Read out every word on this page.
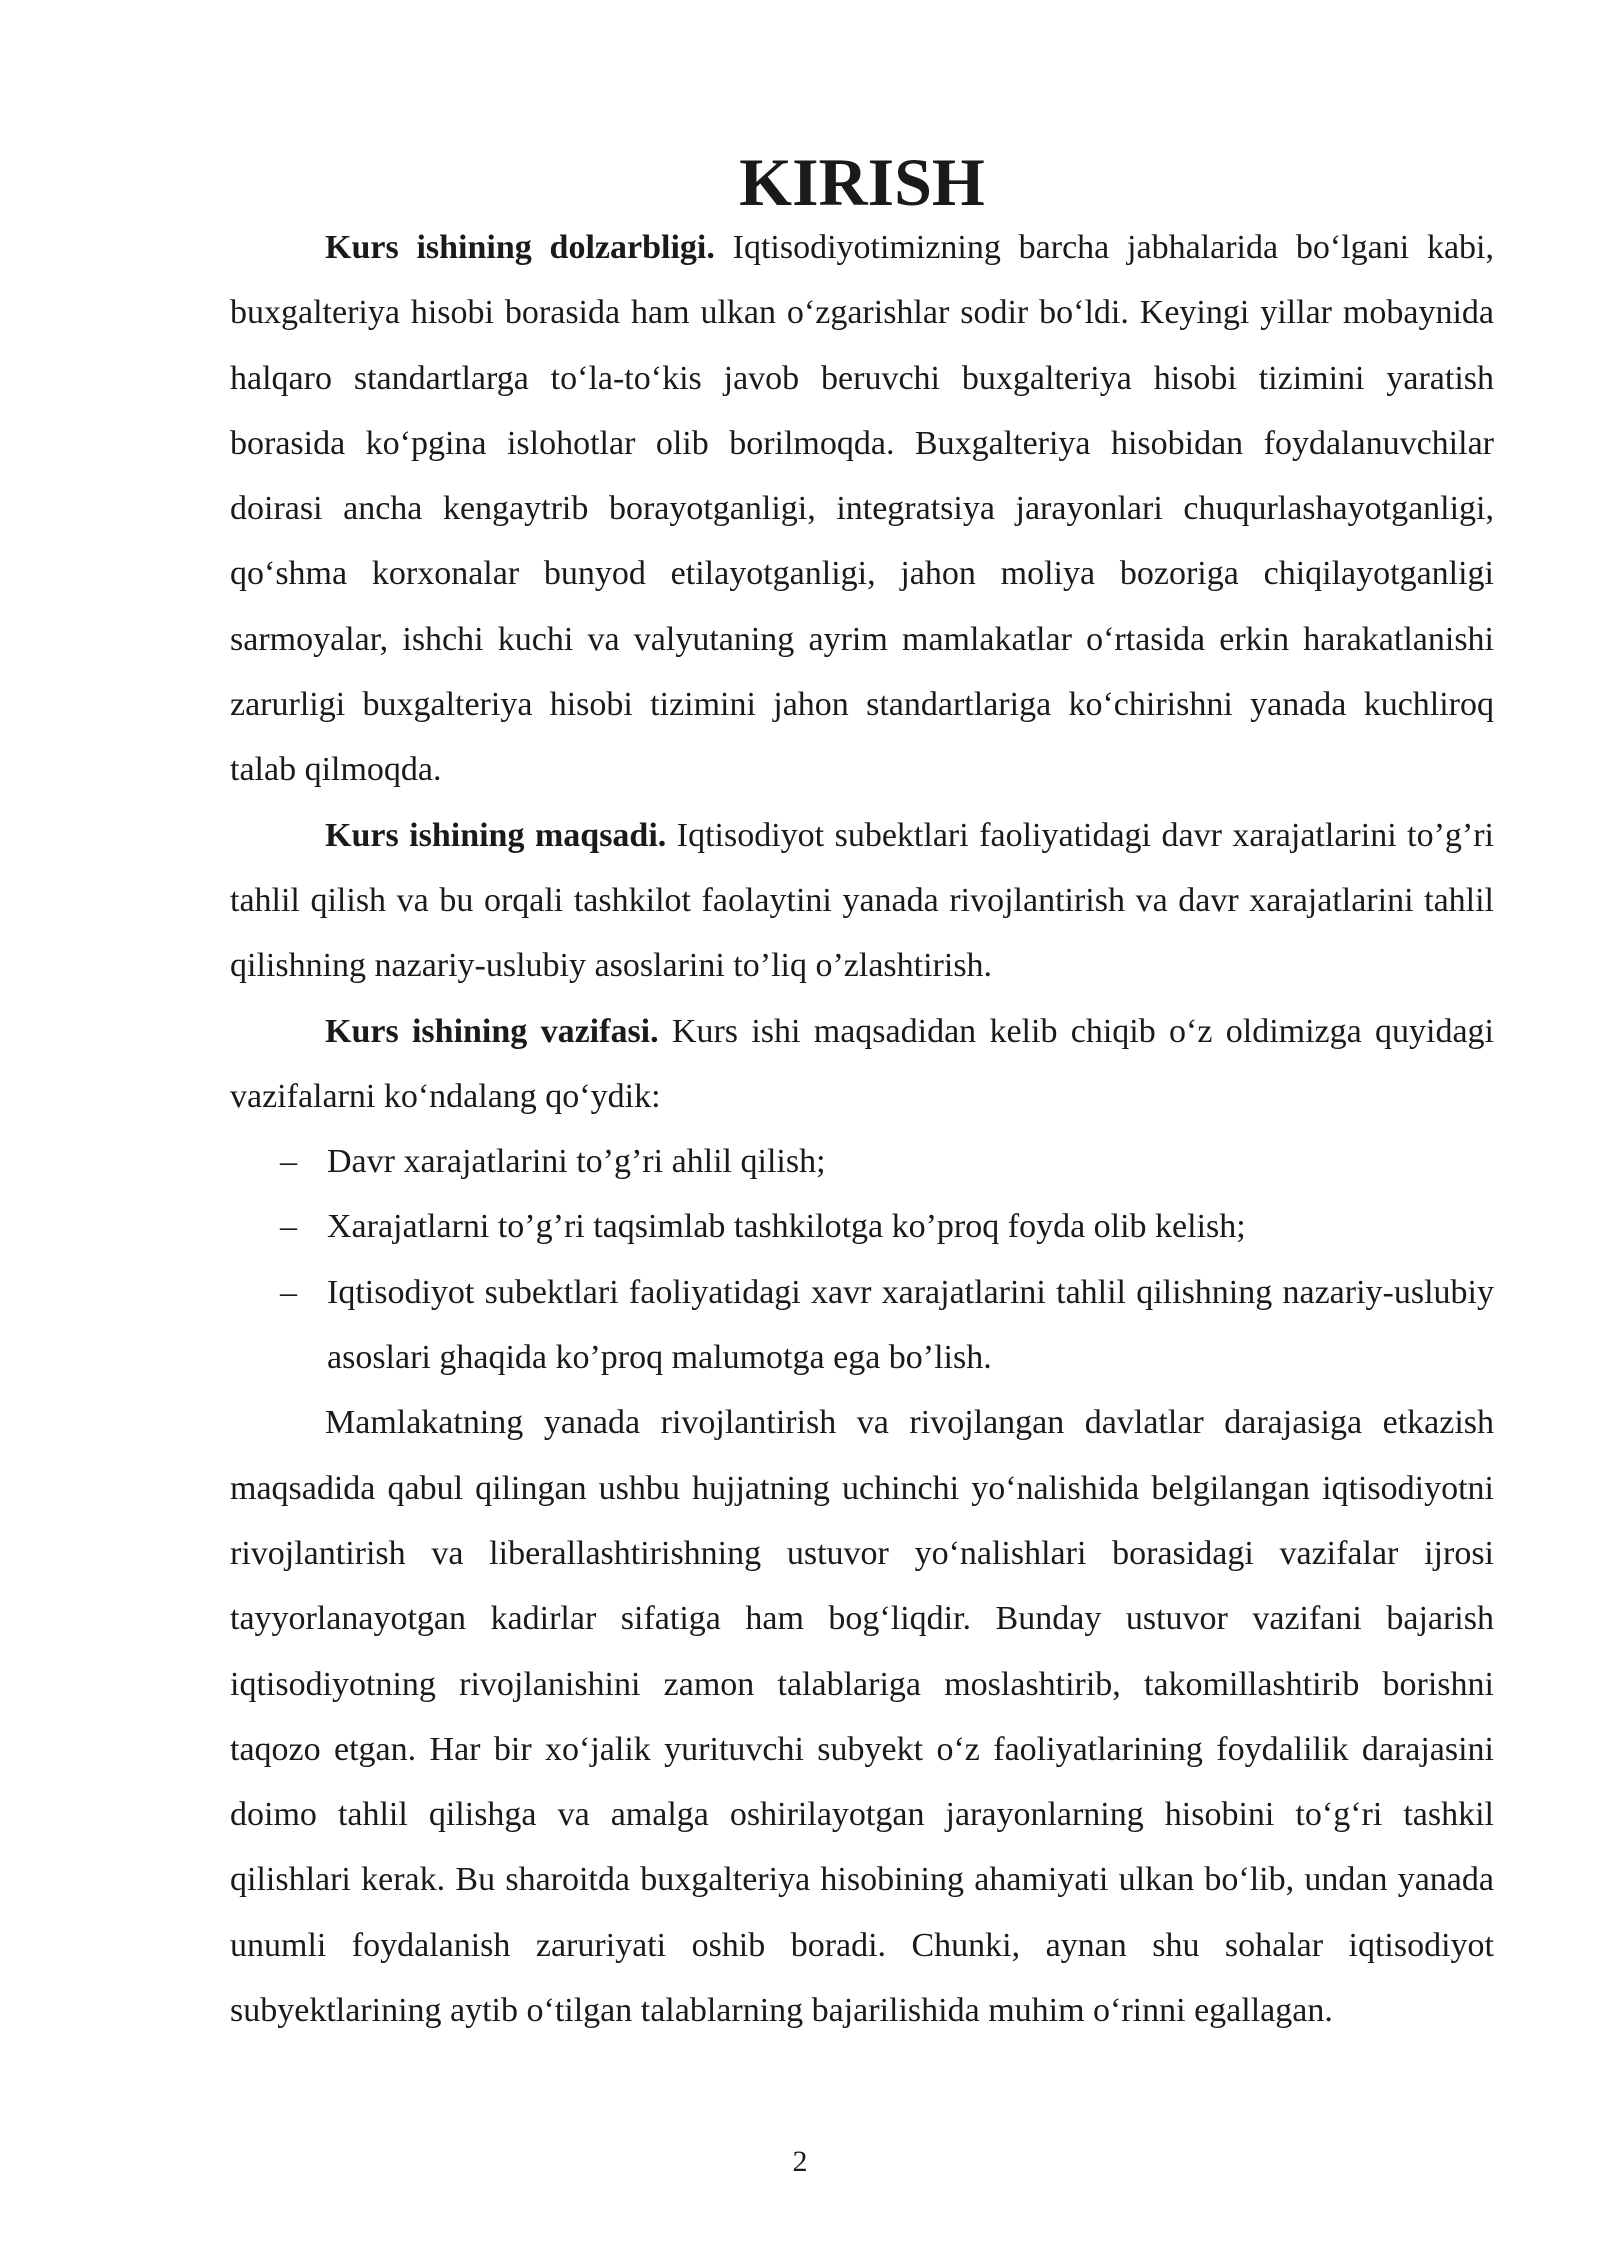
KIRISH

Kurs ishining dolzarbligi. Iqtisodiyotimizning barcha jabhalarida bo‘lgani kabi, buxgalteriya hisobi borasida ham ulkan o‘zgarishlar sodir bo‘ldi. Keyingi yillar mobaynida halqaro standartlarga to‘la-to‘kis javob beruvchi buxgalteriya hisobi tizimini yaratish borasida ko‘pgina islohotlar olib borilmoqda. Buxgalteriya hisobidan foydalanuvchilar doirasi ancha kengaytrib borayotganligi, integratsiya jarayonlari chuqurlashayotganligi, qo‘shma korxonalar bunyod etilayotganligi, jahon moliya bozoriga chiqilayotganligi sarmoyalar, ishchi kuchi va valyutaning ayrim mamlakatlar o‘rtasida erkin harakatlanishi zarurligi buxgalteriya hisobi tizimini jahon standartlariga ko‘chirishni yanada kuchliroq talab qilmoqda.

Kurs ishining maqsadi. Iqtisodiyot subektlari faoliyatidagi davr xarajatlarini to’g’ri tahlil qilish va bu orqali tashkilot faolaytini yanada rivojlantirish va davr xarajatlarini tahlil qilishning nazariy-uslubiy asoslarini to’liq o’zlashtirish.

Kurs ishining vazifasi. Kurs ishi maqsadidan kelib chiqib o‘z oldimizga quyidagi vazifalarni ko‘ndalang qo‘ydik:

– Davr xarajatlarini to’g’ri ahlil qilish;
– Xarajatlarni to’g’ri taqsimlab tashkilotga ko’proq foyda olib kelish;
– Iqtisodiyot subektlari faoliyatidagi xavr xarajatlarini tahlil qilishning nazariy-uslubiy asoslari ghaqida ko’proq malumotga ega bo’lish.

Mamlakatning yanada rivojlantirish va rivojlangan davlatlar darajasiga etkazish maqsadida qabul qilingan ushbu hujjatning uchinchi yo‘nalishida belgilangan iqtisodiyotni rivojlantirish va liberallashtirishning ustuvor yo‘nalishlari borasidagi vazifalar ijrosi tayyorlanayotgan kadirlar sifatiga ham bog‘liqdir. Bunday ustuvor vazifani bajarish iqtisodiyotning rivojlanishini zamon talablariga moslashtirib, takomillashtirib borishni taqozo etgan. Har bir xo‘jalik yurituvchi subyekt o‘z faoliyatlarining foydalilik darajasini doimo tahlil qilishga va amalga oshirilayotgan jarayonlarning hisobini to‘g‘ri tashkil qilishlari kerak. Bu sharoitda buxgalteriya hisobining ahamiyati ulkan bo‘lib, undan yanada unumli foydalanish zaruriyati oshib boradi. Chunki, aynan shu sohalar iqtisodiyot subyektlarining aytib o‘tilgan talablarning bajarilishida muhim o‘rinni egallagan.

2
